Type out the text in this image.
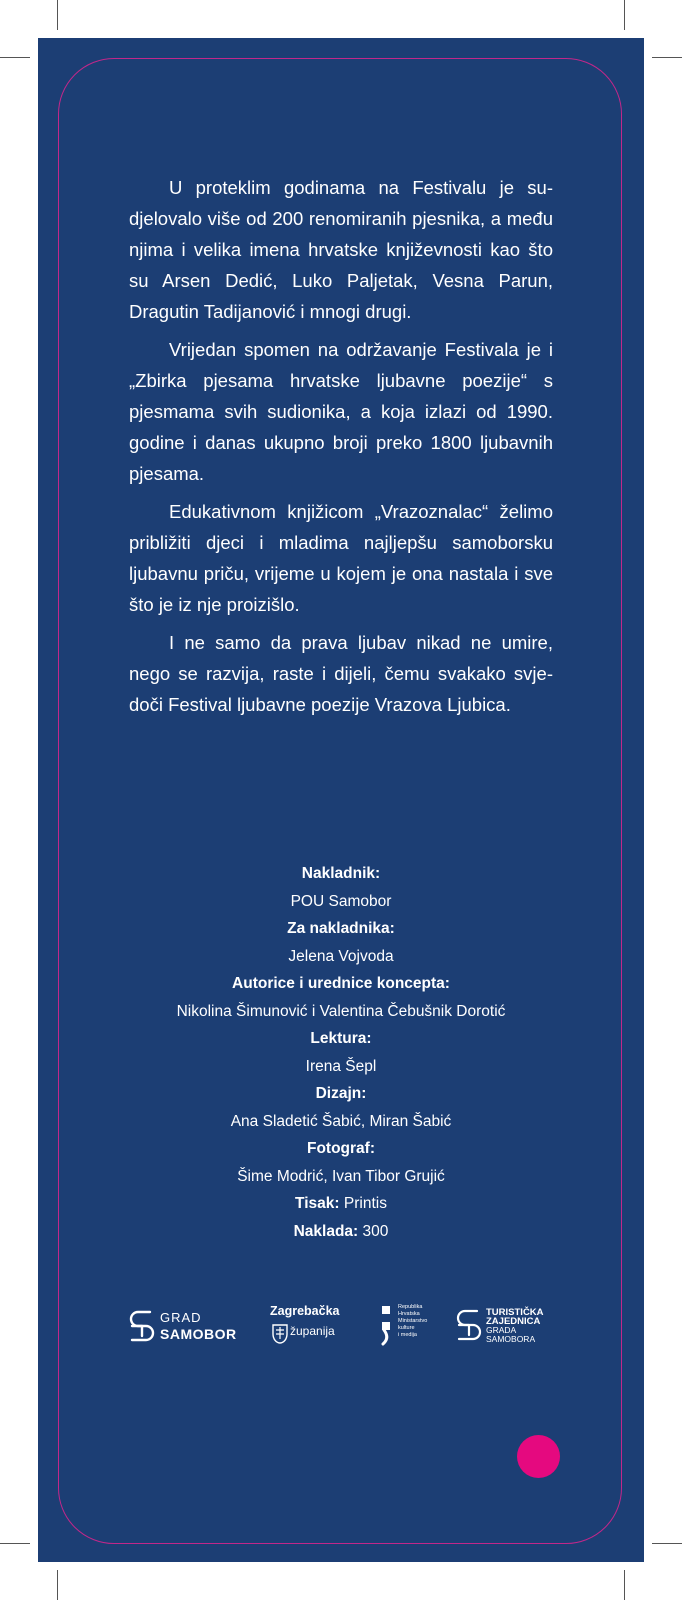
U proteklim godinama na Festivalu je sudjelovalo više od 200 renomiranih pjesnika, a među njima i velika imena hrvatske književnosti kao što su Arsen Dedić, Luko Paljetak, Vesna Parun, Dragutin Tadijanović i mnogi drugi.

Vrijedan spomen na održavanje Festivala je i „Zbirka pjesama hrvatske ljubavne poezije“ s pjesmama svih sudionika, a koja izlazi od 1990. godine i danas ukupno broji preko 1800 ljubavnih pjesama.

Edukativnom knjižicom „Vrazoznalac“ želimo približiti djeci i mladima najljepšu samoborsku ljubavnu priču, vrijeme u kojem je ona nastala i sve što je iz nje proizišlo.

I ne samo da prava ljubav nikad ne umire, nego se razvija, raste i dijeli, čemu svakako svjedoči Festival ljubavne poezije Vrazova Ljubica.

Nakladnik:
POU Samobor
Za nakladnika:
Jelena Vojvoda
Autorice i urednice koncepta:
Nikolina Šimunović i Valentina Čebušnik Dorotić
Lektura:
Irena Šepl
Dizajn:
Ana Sladetić Šabić, Miran Šabić
Fotograf:
Šime Modrić, Ivan Tibor Grujić
Tisak: Printis
Naklada: 300
GRAD
SAMOBOR
Zagrebačka
županija
Republika
Hrvatska
Ministarstvo
kulture
i medija
TURISTIČKA
ZAJEDNICA
GRADA
SAMOBORA
